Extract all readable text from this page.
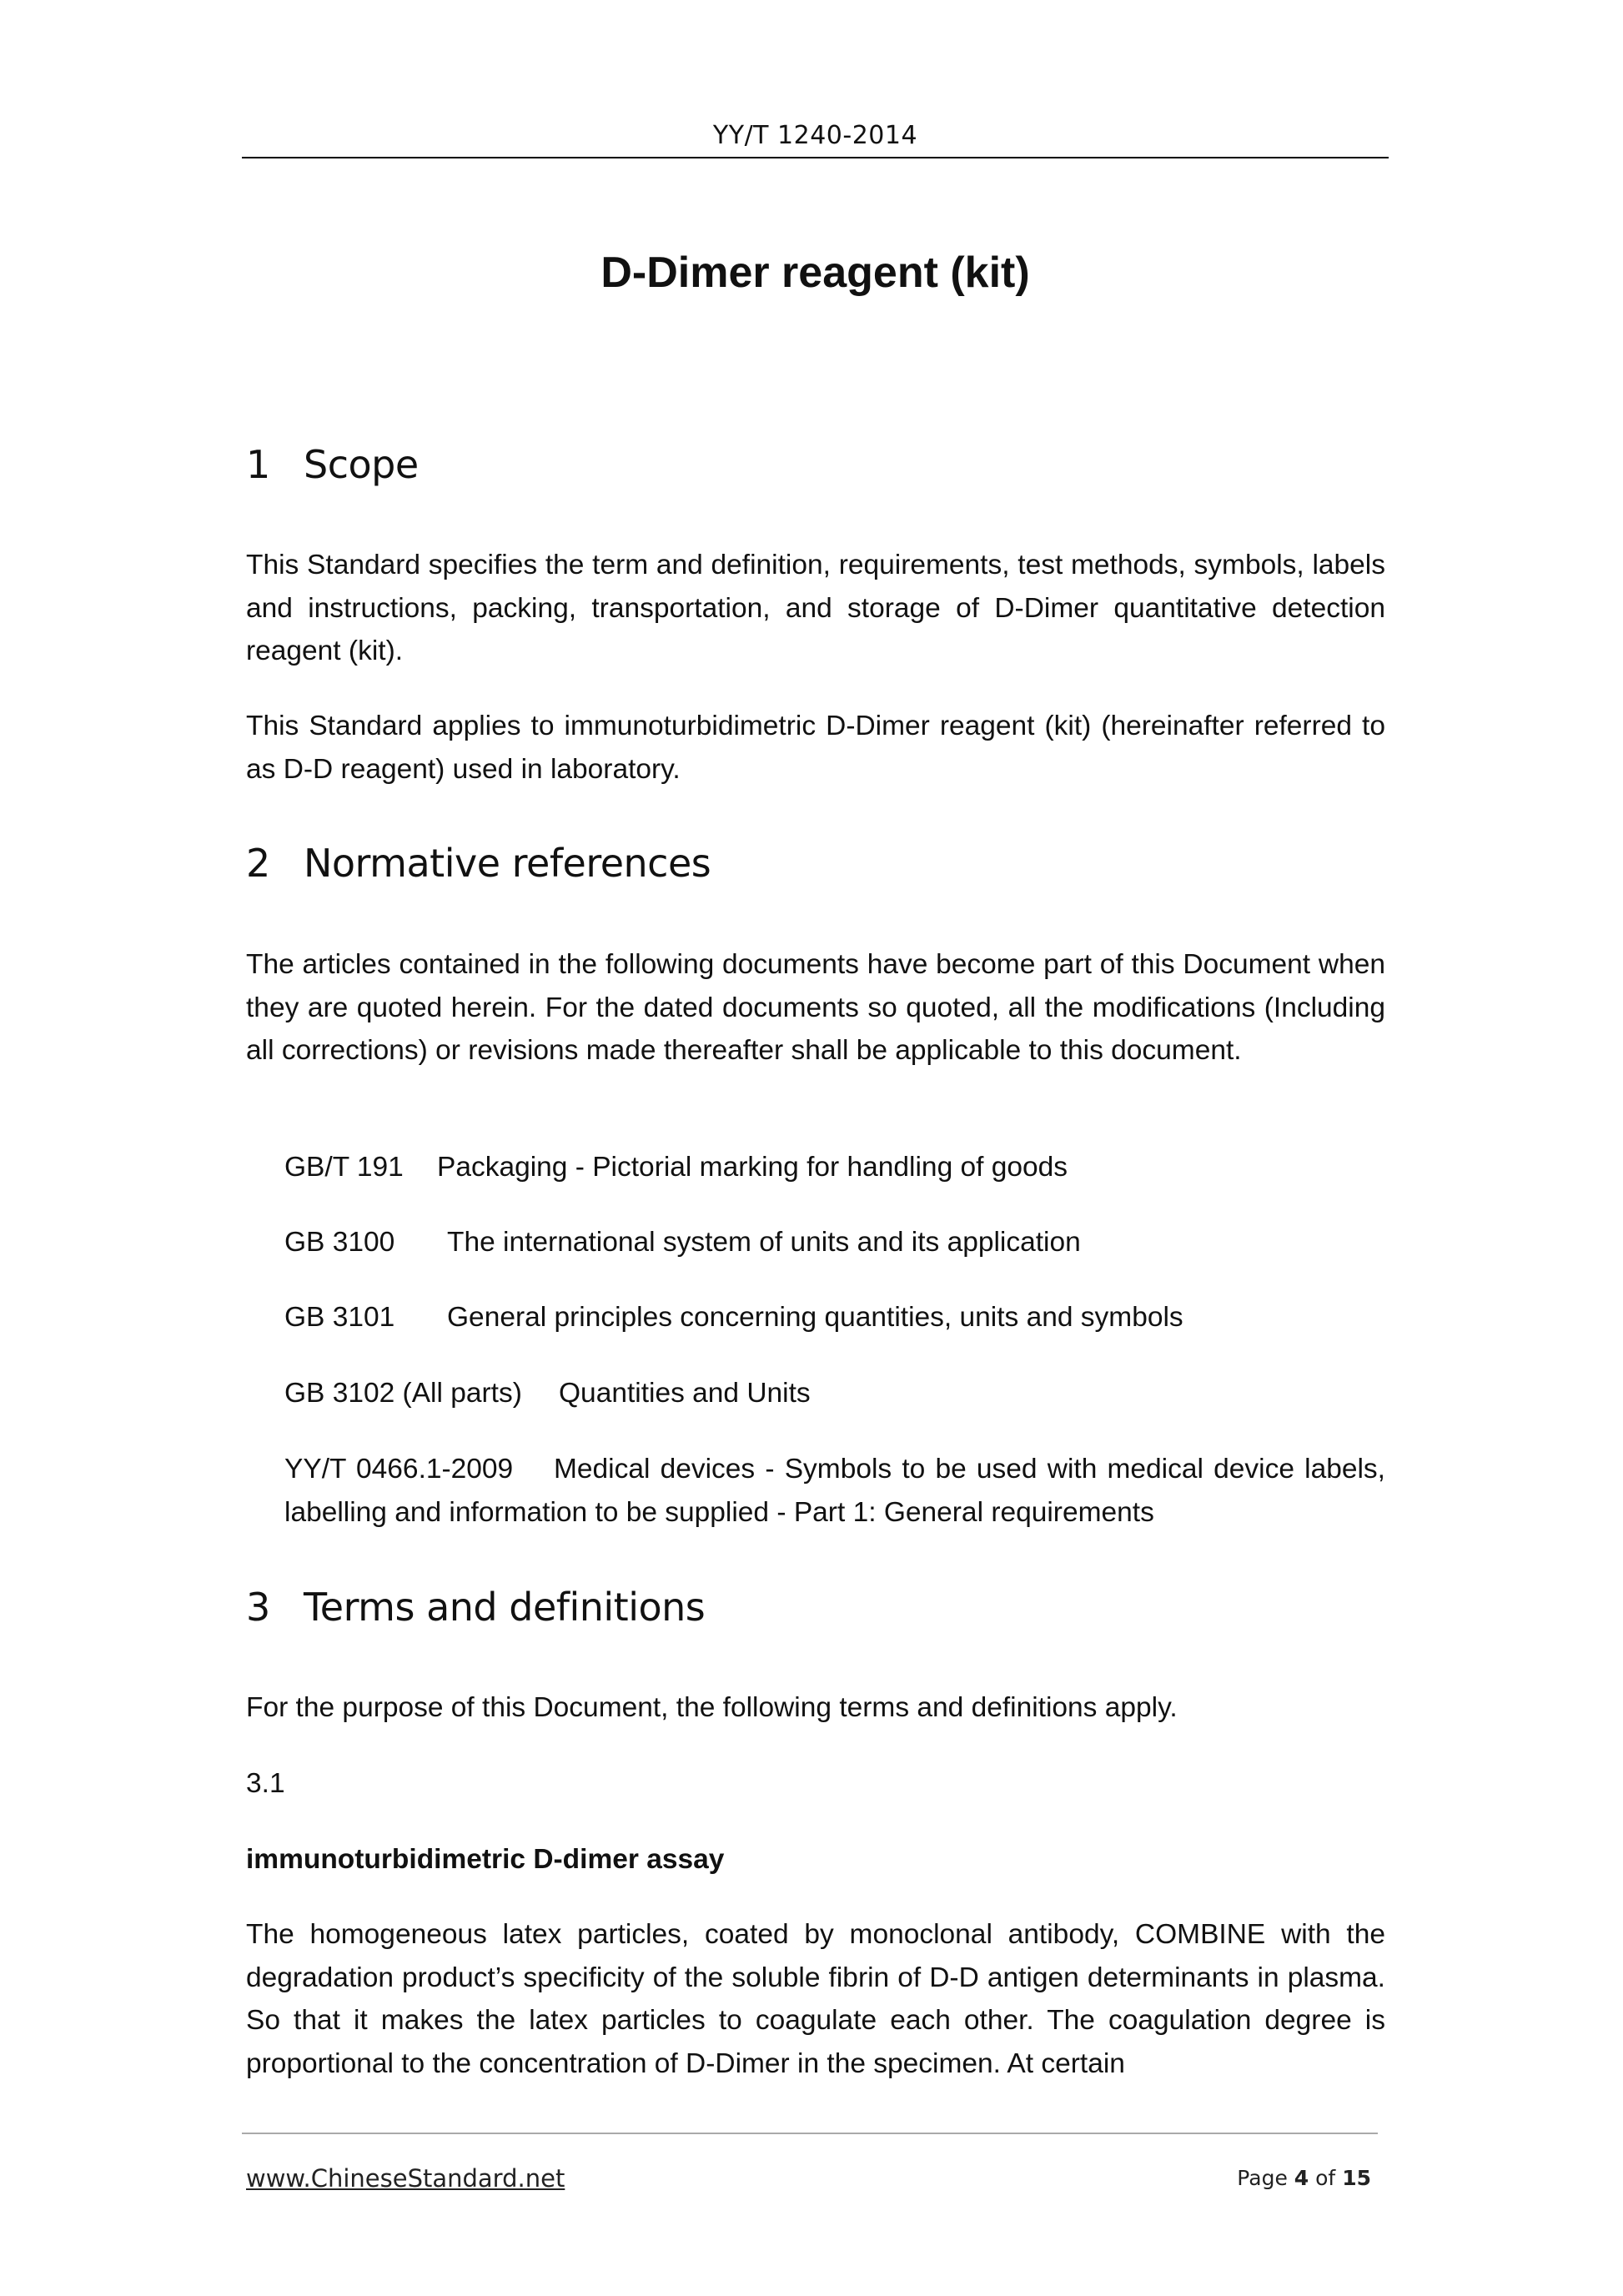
YY/T 1240-2014
D-Dimer reagent (kit)
1 Scope
This Standard specifies the term and definition, requirements, test methods, symbols, labels and instructions, packing, transportation, and storage of D-Dimer quantitative detection reagent (kit).
This Standard applies to immunoturbidimetric D-Dimer reagent (kit) (hereinafter referred to as D-D reagent) used in laboratory.
2 Normative references
The articles contained in the following documents have become part of this Document when they are quoted herein. For the dated documents so quoted, all the modifications (Including all corrections) or revisions made thereafter shall be applicable to this document.
GB/T 191 Packaging - Pictorial marking for handling of goods
GB 3100 The international system of units and its application
GB 3101 General principles concerning quantities, units and symbols
GB 3102 (All parts) Quantities and Units
YY/T 0466.1-2009 Medical devices - Symbols to be used with medical device labels, labelling and information to be supplied - Part 1: General requirements
3 Terms and definitions
For the purpose of this Document, the following terms and definitions apply.
3.1
immunoturbidimetric D-dimer assay
The homogeneous latex particles, coated by monoclonal antibody, COMBINE with the degradation product’s specificity of the soluble fibrin of D-D antigen determinants in plasma. So that it makes the latex particles to coagulate each other. The coagulation degree is proportional to the concentration of D-Dimer in the specimen. At certain
www.ChineseStandard.net	Page 4 of 15
